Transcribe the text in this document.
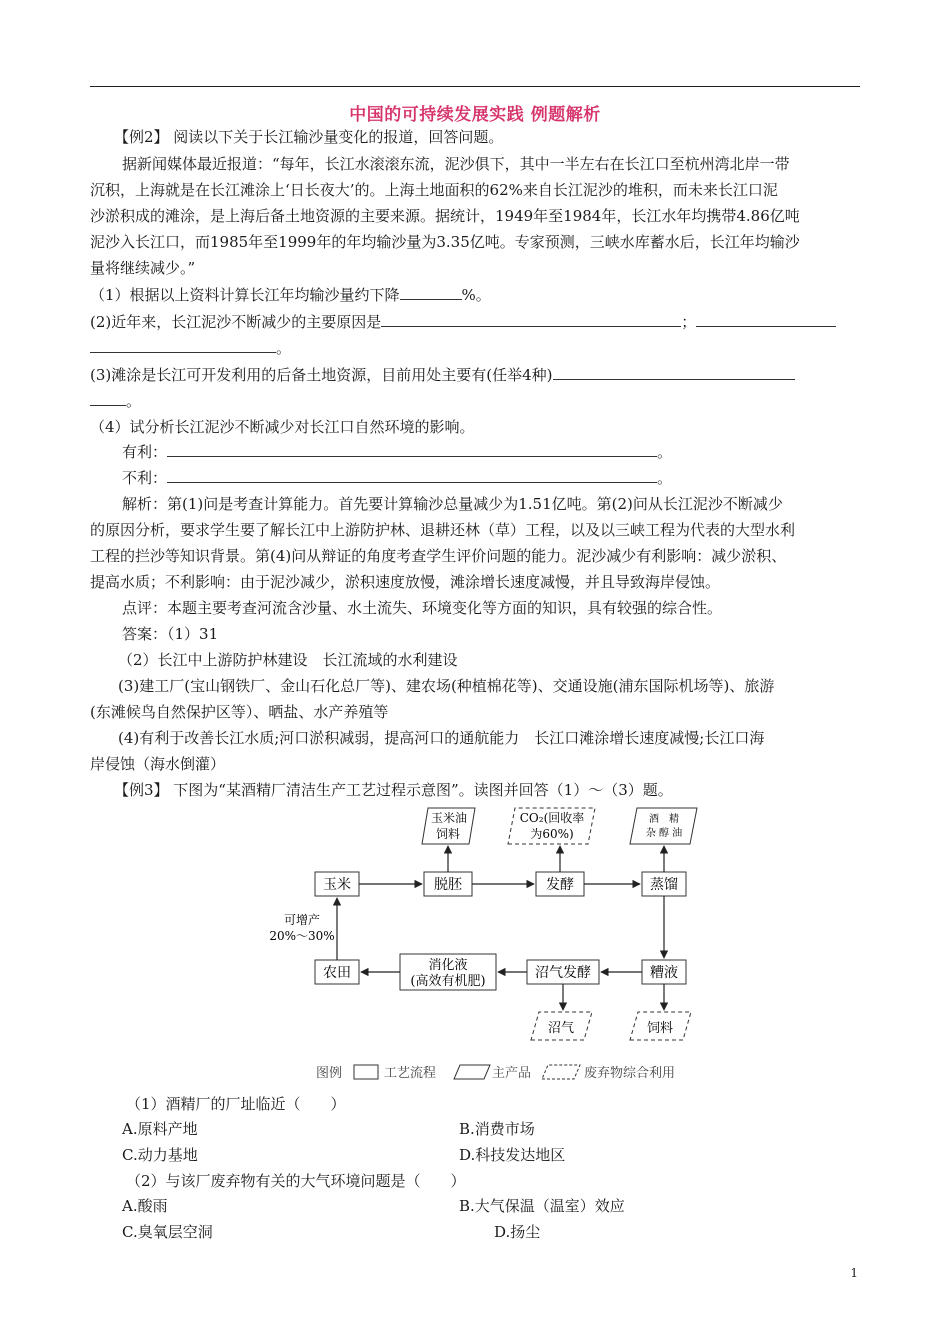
中国的可持续发展实践 例题解析
【例2】 阅读以下关于长江输沙量变化的报道，回答问题。
据新闻媒体最近报道：“每年，长江水滚滚东流，泥沙俱下，其中一半左右在长江口至杭州湾北岸一带
沉积，上海就是在长江滩涂上‘日长夜大’的。上海土地面积的62%来自长江泥沙的堆积，而未来长江口泥
沙淤积成的滩涂，是上海后备土地资源的主要来源。据统计，1949年至1984年，长江水年均携带4.86亿吨
泥沙入长江口，而1985年至1999年的年均输沙量为3.35亿吨。专家预测，三峡水库蓄水后，长江年均输沙
量将继续减少。”
（1）根据以上资料计算长江年均输沙量约下降	%。
(2)近年来，长江泥沙不断减少的主要原因是	；
。
(3)滩涂是长江可开发利用的后备土地资源，目前用处主要有(任举4种)
。
（4）试分析长江泥沙不断减少对长江口自然环境的影响。
有利：	。
不利：	。
解析：第(1)问是考查计算能力。首先要计算输沙总量减少为1.51亿吨。第(2)问从长江泥沙不断减少
的原因分析，要求学生要了解长江中上游防护林、退耕还林（草）工程，以及以三峡工程为代表的大型水利
工程的拦沙等知识背景。第(4)问从辩证的角度考查学生评价问题的能力。泥沙减少有利影响：减少淤积、
提高水质；不利影响：由于泥沙减少，淤积速度放慢，滩涂增长速度减慢，并且导致海岸侵蚀。
点评：本题主要考查河流含沙量、水土流失、环境变化等方面的知识，具有较强的综合性。
答案：（1）31
（2）长江中上游防护林建设　长江流域的水利建设
(3)建工厂(宝山钢铁厂、金山石化总厂等)、建农场(种植棉花等)、交通设施(浦东国际机场等)、旅游
(东滩候鸟自然保护区等）、晒盐、水产养殖等
(4)有利于改善长江水质;河口淤积减弱，提高河口的通航能力　长江口滩涂增长速度减慢;长江口海
岸侵蚀（海水倒灌）
【例3】 下图为“某酒精厂清洁生产工艺过程示意图”。读图并回答（1）～（3）题。
玉米	脱胚	发酵	蒸馏
玉米油
饲料
CO₂(回收率
为60%)
酒　精
杂 醇 油
糟液
沼气发酵
消化液
(高效有机肥)
农田
可增产
20%～30%
沼气	饲料
图例	工艺流程	主产品	废弃物综合利用
（1）酒精厂的厂址临近（　　）
A.原料产地	B.消费市场
C.动力基地	D.科技发达地区
（2）与该厂废弃物有关的大气环境问题是（　　）
A.酸雨	B.大气保温（温室）效应
C.臭氧层空洞	D.扬尘
1
